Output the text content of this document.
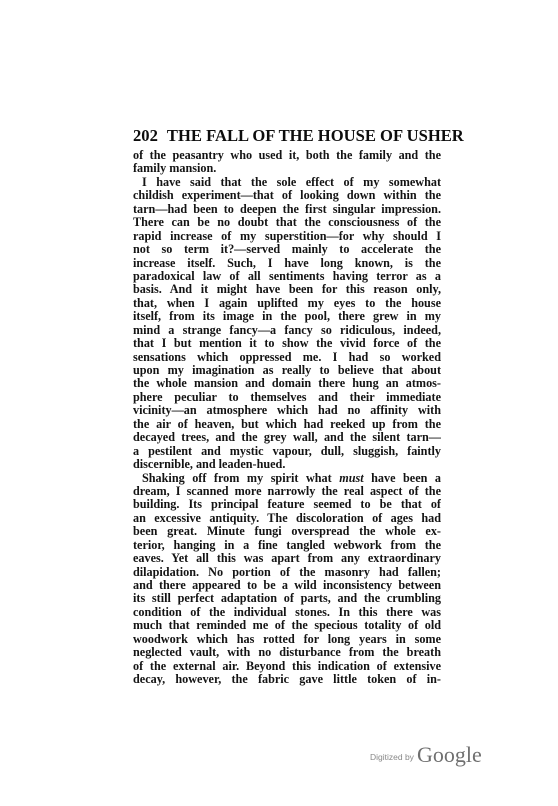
202 THE FALL OF THE HOUSE OF USHER
of the peasantry who used it, both the family and the
family mansion.
I have said that the sole effect of my somewhat
childish experiment—that of looking down within the
tarn—had been to deepen the first singular impression.
There can be no doubt that the consciousness of the
rapid increase of my superstition—for why should I
not so term it?—served mainly to accelerate the
increase itself. Such, I have long known, is the
paradoxical law of all sentiments having terror as a
basis. And it might have been for this reason only,
that, when I again uplifted my eyes to the house
itself, from its image in the pool, there grew in my
mind a strange fancy—a fancy so ridiculous, indeed,
that I but mention it to show the vivid force of the
sensations which oppressed me. I had so worked
upon my imagination as really to believe that about
the whole mansion and domain there hung an atmos-
phere peculiar to themselves and their immediate
vicinity—an atmosphere which had no affinity with
the air of heaven, but which had reeked up from the
decayed trees, and the grey wall, and the silent tarn—
a pestilent and mystic vapour, dull, sluggish, faintly
discernible, and leaden-hued.
Shaking off from my spirit what must have been a
dream, I scanned more narrowly the real aspect of the
building. Its principal feature seemed to be that of
an excessive antiquity. The discoloration of ages had
been great. Minute fungi overspread the whole ex-
terior, hanging in a fine tangled webwork from the
eaves. Yet all this was apart from any extraordinary
dilapidation. No portion of the masonry had fallen;
and there appeared to be a wild inconsistency between
its still perfect adaptation of parts, and the crumbling
condition of the individual stones. In this there was
much that reminded me of the specious totality of old
woodwork which has rotted for long years in some
neglected vault, with no disturbance from the breath
of the external air. Beyond this indication of extensive
decay, however, the fabric gave little token of in-
Digitized by Google
